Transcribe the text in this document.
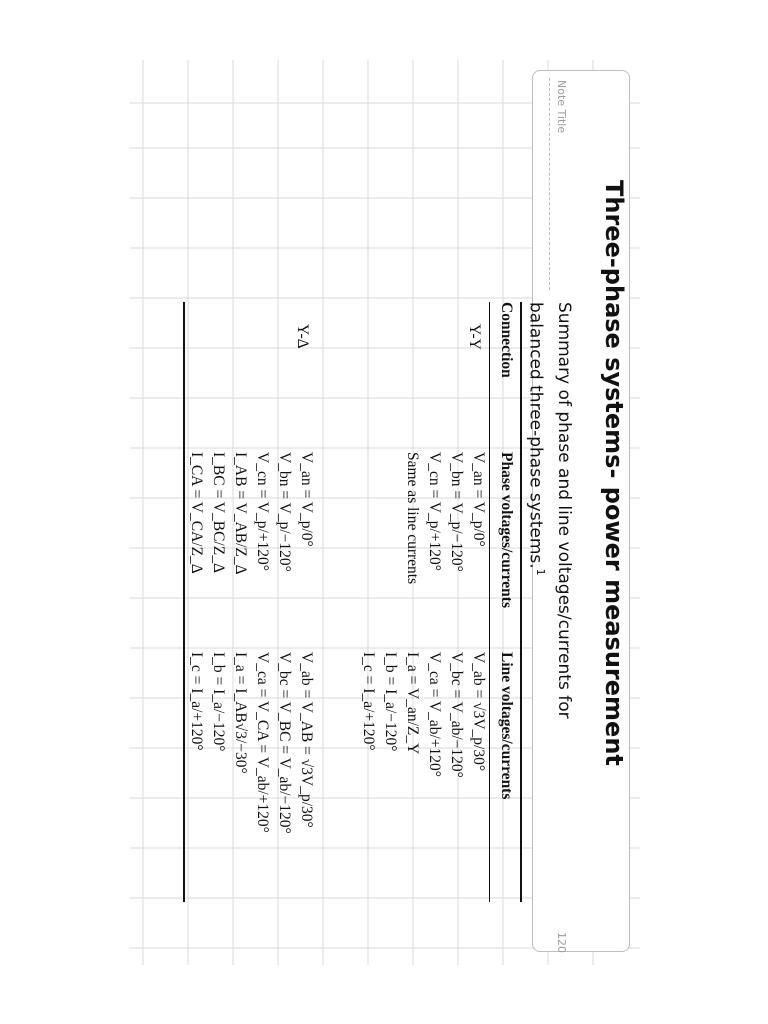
Note Title
120
Three-phase systems- power measurement
Summary of phase and line voltages/currents for balanced three-phase systems.$^1$
Connection
Phase voltages/currents
Line voltages/currents
Y-Y
V_an = V_p/0°
V_bn = V_p/−120°
V_cn = V_p/+120°
Same as line currents
V_ab = √3V_p/30°
V_bc = V_ab/−120°
V_ca = V_ab/+120°
I_a = V_an/Z_Y
I_b = I_a/−120°
I_c = I_a/+120°
Y-Δ
V_an = V_p/0°
V_bn = V_p/−120°
V_cn = V_p/+120°
I_AB = V_AB/Z_Δ
I_BC = V_BC/Z_Δ
I_CA = V_CA/Z_Δ
V_ab = V_AB = √3V_p/30°
V_bc = V_BC = V_ab/−120°
V_ca = V_CA = V_ab/+120°
I_a = I_AB√3/−30°
I_b = I_a/−120°
I_c = I_a/+120°
